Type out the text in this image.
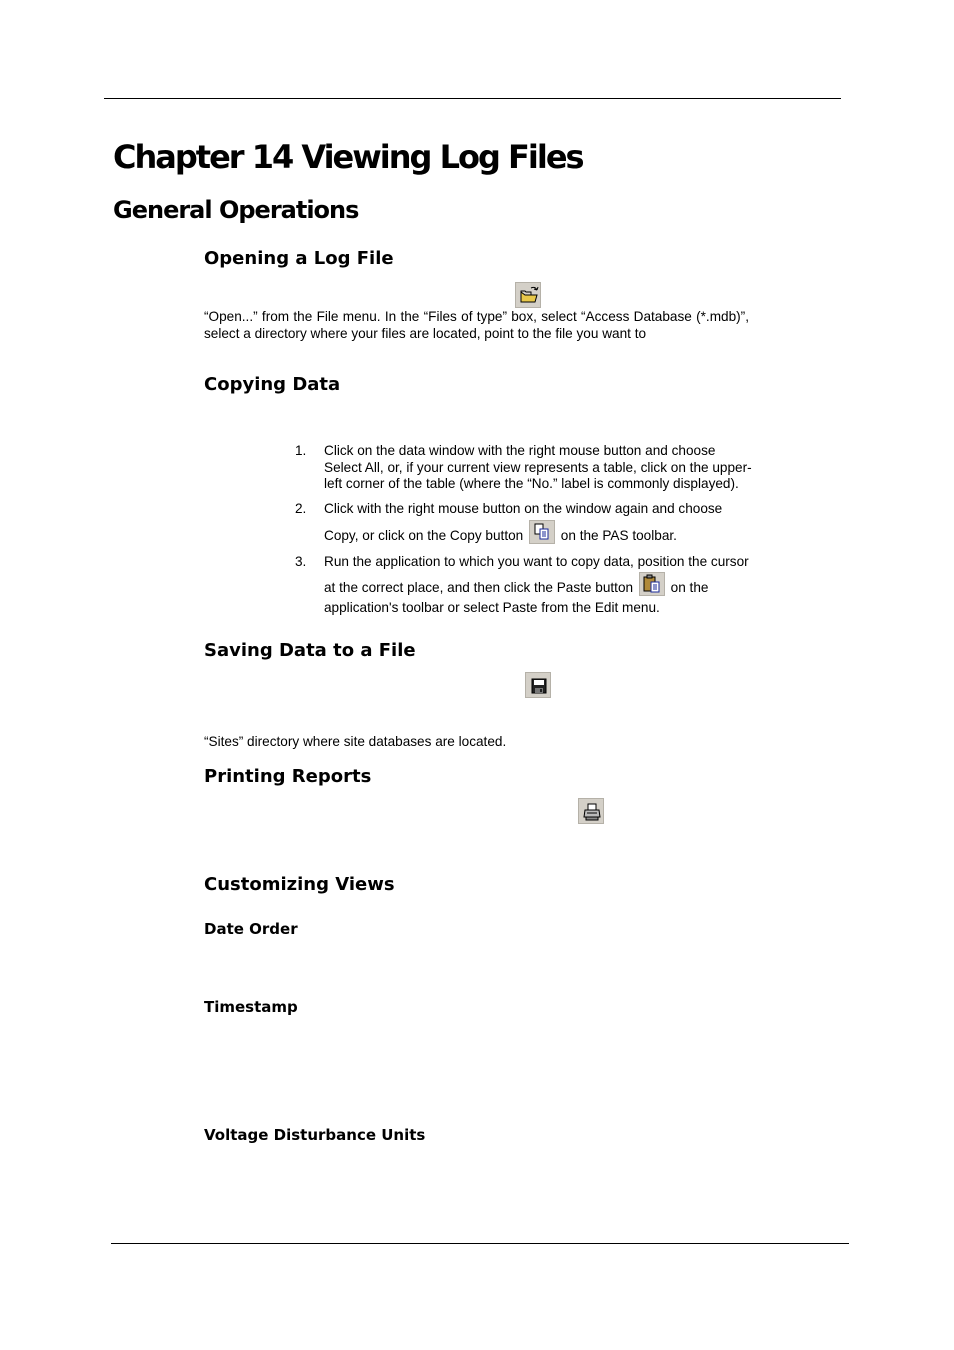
Chapter 14 Viewing Log Files
General Operations
Opening a Log File

“Open...” from the File menu. In the “Files of type” box, select “Access Database (*.mdb)”, select a directory where your files are located, point to the file you want to

Copying Data
1. Click on the data window with the right mouse button and choose Select All, or, if your current view represents a table, click on the upper-left corner of the table (where the “No.” label is commonly displayed).
2. Click with the right mouse button on the window again and choose Copy, or click on the Copy button	on the PAS toolbar.
3. Run the application to which you want to copy data, position the cursor at the correct place, and then click the Paste button	on the application's toolbar or select Paste from the Edit menu.
Saving Data to a File

“Sites” directory where site databases are located.

Printing Reports
Customizing Views
Date Order
Timestamp
Voltage Disturbance Units
